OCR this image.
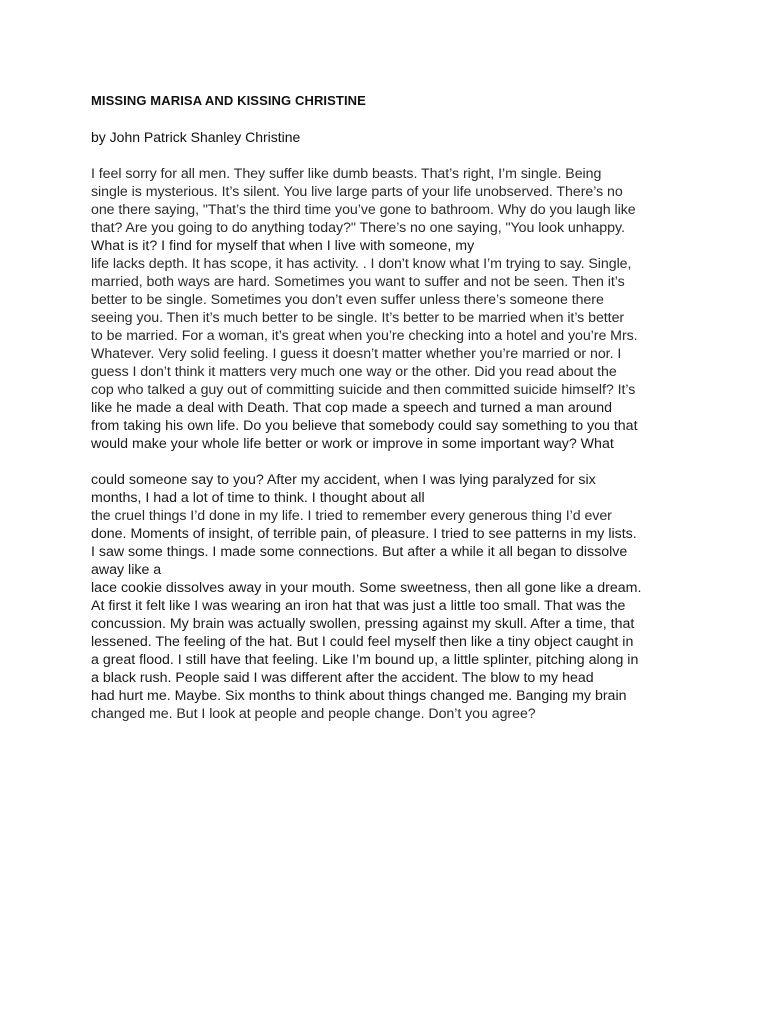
MISSING MARISA AND KISSING CHRISTINE
by John Patrick Shanley Christine
I feel sorry for all men. They suffer like dumb beasts. That’s right, I’m single. Being
single is mysterious. It’s silent. You live large parts of your life unobserved. There’s no
one there saying, "That’s the third time you’ve gone to bathroom. Why do you laugh like
that? Are you going to do anything today?" There’s no one saying, "You look unhappy.
What is it? I find for myself that when I live with someone, my
life lacks depth. It has scope, it has activity. . I don’t know what I’m trying to say. Single,
married, both ways are hard. Sometimes you want to suffer and not be seen. Then it’s
better to be single. Sometimes you don’t even suffer unless there’s someone there
seeing you. Then it’s much better to be single. It’s better to be married when it’s better
to be married. For a woman, it’s great when you’re checking into a hotel and you’re Mrs.
Whatever. Very solid feeling. I guess it doesn’t matter whether you’re married or nor. I
guess I don’t think it matters very much one way or the other. Did you read about the
cop who talked a guy out of committing suicide and then committed suicide himself? It’s
like he made a deal with Death. That cop made a speech and turned a man around
from taking his own life. Do you believe that somebody could say something to you that
would make your whole life better or work or improve in some important way? What
could someone say to you? After my accident, when I was lying paralyzed for six
months, I had a lot of time to think. I thought about all
the cruel things I’d done in my life. I tried to remember every generous thing I’d ever
done. Moments of insight, of terrible pain, of pleasure. I tried to see patterns in my lists.
I saw some things. I made some connections. But after a while it all began to dissolve
away like a
lace cookie dissolves away in your mouth. Some sweetness, then all gone like a dream.
At first it felt like I was wearing an iron hat that was just a little too small. That was the
concussion. My brain was actually swollen, pressing against my skull. After a time, that
lessened. The feeling of the hat. But I could feel myself then like a tiny object caught in
a great flood. I still have that feeling. Like I’m bound up, a little splinter, pitching along in
a black rush. People said I was different after the accident. The blow to my head
had hurt me. Maybe. Six months to think about things changed me. Banging my brain
changed me. But I look at people and people change. Don’t you agree?
